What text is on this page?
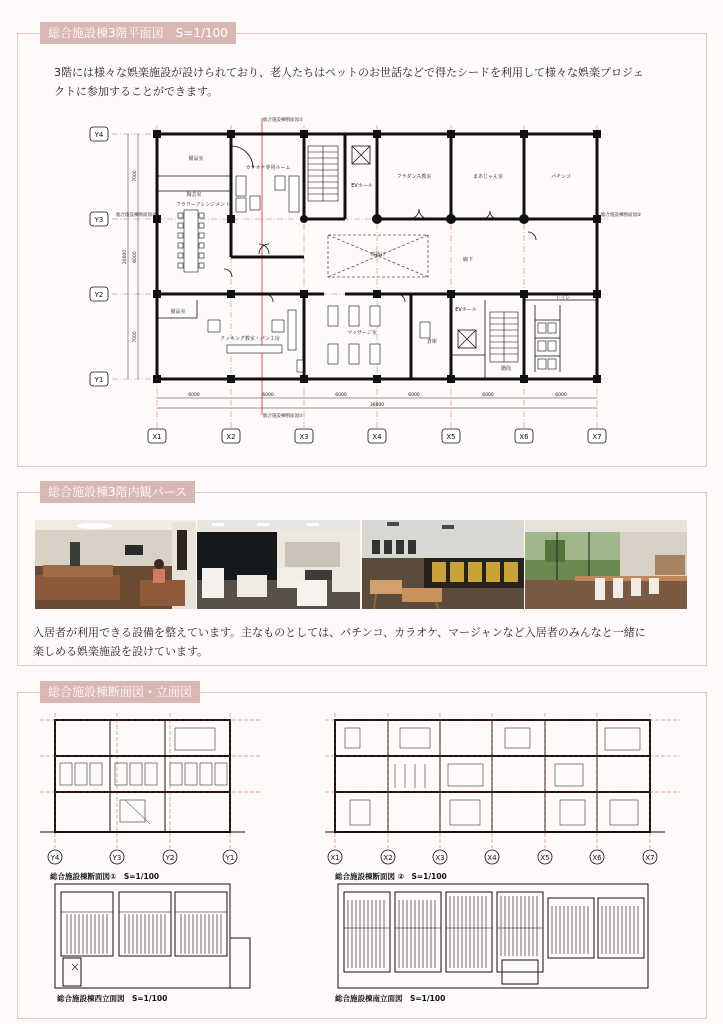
総合施設棟3階平面図　S=1/100
3階には様々な娯楽施設が設けられており、老人たちはペットのお世話などで得たシードを利用して様々な娯楽プロジェ
クトに参加することができます。
備品室
陶芸室
フラワーアレンジメント
カラオケ専用ルーム
EVホール
フラダンス教室	まあじゃん室	パチンコ
吹抜け
廊下
備品室
クッキング教室・パン工房
マッサージ室
倉庫
EVホール
階段
トイレ
6000	6000	6000	6000	6000	6000
36000
7000
20000 6000
7000
総合施設棟断面図①
総合施設棟断面図①
総合施設棟断面図②	総合施設棟断面図②
Y4
Y3
Y2
Y1
X1	X2	X3	X4	X5	X6	X7
総合施設棟3階内観パース
入居者が利用できる設備を整えています。主なものとしては、パチンコ、カラオケ、マージャンなど入居者のみんなと一緒に
楽しめる娯楽施設を設けています。
総合施設棟断面図・立面図
Y4	Y3	Y2	Y1
総合施設棟断面図①　S=1/100
X1	X2	X3	X4	X5	X6	X7
総合施設棟断面図 ②　S=1/100
総合施設棟西立面図　S=1/100	総合施設棟南立面図　S=1/100
